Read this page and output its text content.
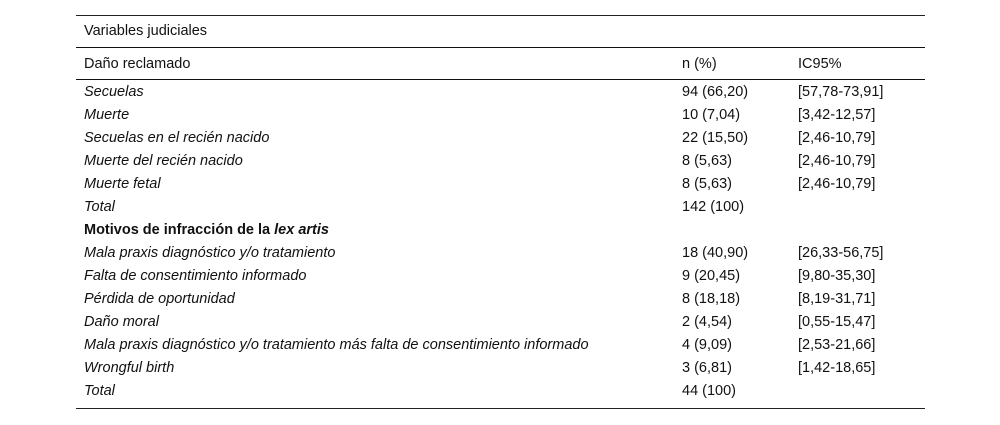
Variables judiciales
Daño reclamado	n (%)	IC95%
Secuelas	94 (66,20)	[57,78-73,91]
Muerte	10 (7,04)	[3,42-12,57]
Secuelas en el recién nacido	22 (15,50)	[2,46-10,79]
Muerte del recién nacido	8 (5,63)	[2,46-10,79]
Muerte fetal	8 (5,63)	[2,46-10,79]
Total	142 (100)
Motivos de infracción de la lex artis
Mala praxis diagnóstico y/o tratamiento	18 (40,90)	[26,33-56,75]
Falta de consentimiento informado	9 (20,45)	[9,80-35,30]
Pérdida de oportunidad	8 (18,18)	[8,19-31,71]
Daño moral	2 (4,54)	[0,55-15,47]
Mala praxis diagnóstico y/o tratamiento más falta de consentimiento informado	4 (9,09)	[2,53-21,66]
Wrongful birth	3 (6,81)	[1,42-18,65]
Total	44 (100)
